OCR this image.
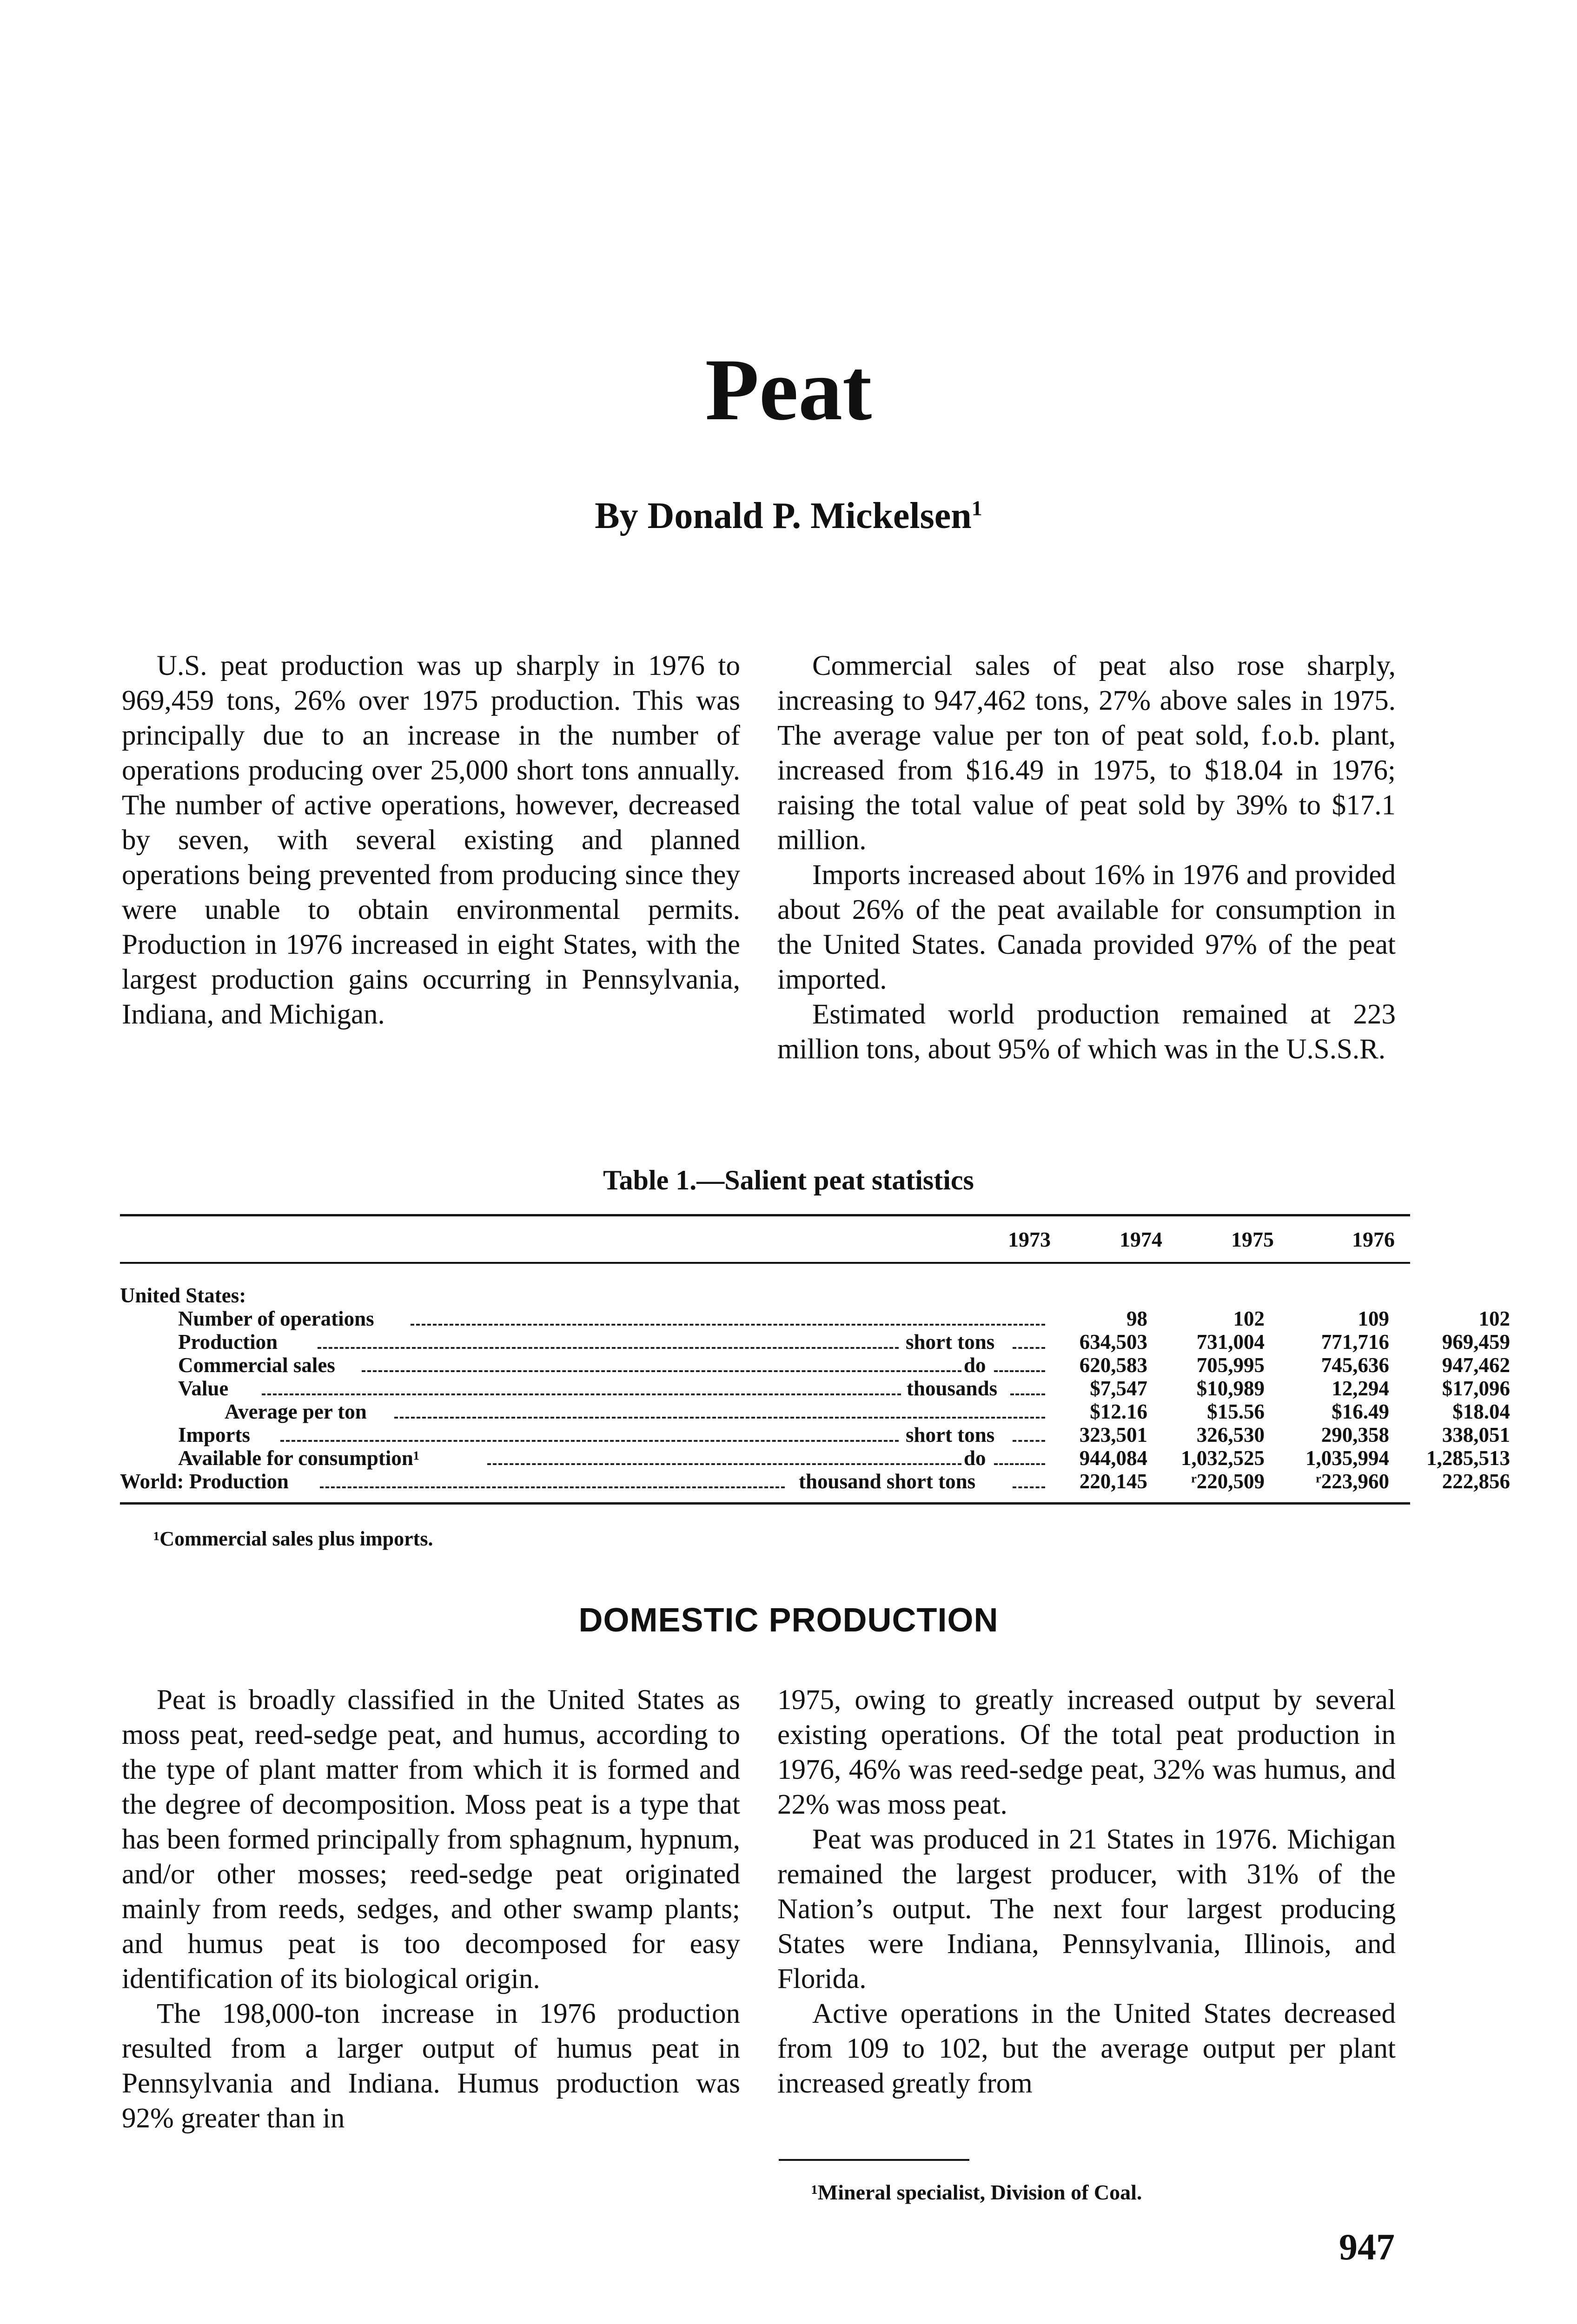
Peat
By Donald P. Mickelsen$^1$

U.S. peat production was up sharply in 1976 to 969,459 tons, 26% over 1975 production. This was principally due to an increase in the number of operations producing over 25,000 short tons annually. The number of active operations, however, decreased by seven, with several existing and planned operations being prevented from producing since they were unable to obtain environmental permits. Production in 1976 increased in eight States, with the largest production gains occurring in Pennsylvania, Indiana, and Michigan.

Commercial sales of peat also rose sharply, increasing to 947,462 tons, 27% above sales in 1975. The average value per ton of peat sold, f.o.b. plant, increased from $16.49 in 1975, to $18.04 in 1976; raising the total value of peat sold by 39% to $17.1 million.

Imports increased about 16% in 1976 and provided about 26% of the peat available for consumption in the United States. Canada provided 97% of the peat imported.

Estimated world production remained at 223 million tons, about 95% of which was in the U.S.S.R.

Table 1.—Salient peat statistics
1973	1974	1975	1976
United States:
Number of operations	98	102	109	102
Production	short tons	634,503	731,004	771,716	969,459
Commercial sales	do	620,583	705,995	745,636	947,462
Value	thousands	$7,547	$10,989	12,294	$17,096
Average per ton	$12.16	$15.56	$16.49	$18.04
Imports	short tons	323,501	326,530	290,358	338,051
Available for consumption¹	do	944,084	1,032,525	1,035,994	1,285,513
World: Production	thousand short tons	220,145	ʳ220,509	ʳ223,960	222,856
¹Commercial sales plus imports.
DOMESTIC PRODUCTION

Peat is broadly classified in the United States as moss peat, reed-sedge peat, and humus, according to the type of plant matter from which it is formed and the degree of decomposition. Moss peat is a type that has been formed principally from sphagnum, hypnum, and/or other mosses; reed-sedge peat originated mainly from reeds, sedges, and other swamp plants; and humus peat is too decomposed for easy identification of its biological origin.

The 198,000-ton increase in 1976 production resulted from a larger output of humus peat in Pennsylvania and Indiana. Humus production was 92% greater than in

1975, owing to greatly increased output by several existing operations. Of the total peat production in 1976, 46% was reed-sedge peat, 32% was humus, and 22% was moss peat.

Peat was produced in 21 States in 1976. Michigan remained the largest producer, with 31% of the Nation’s output. The next four largest producing States were Indiana, Pennsylvania, Illinois, and Florida.

Active operations in the United States decreased from 109 to 102, but the average output per plant increased greatly from

¹Mineral specialist, Division of Coal.
947
